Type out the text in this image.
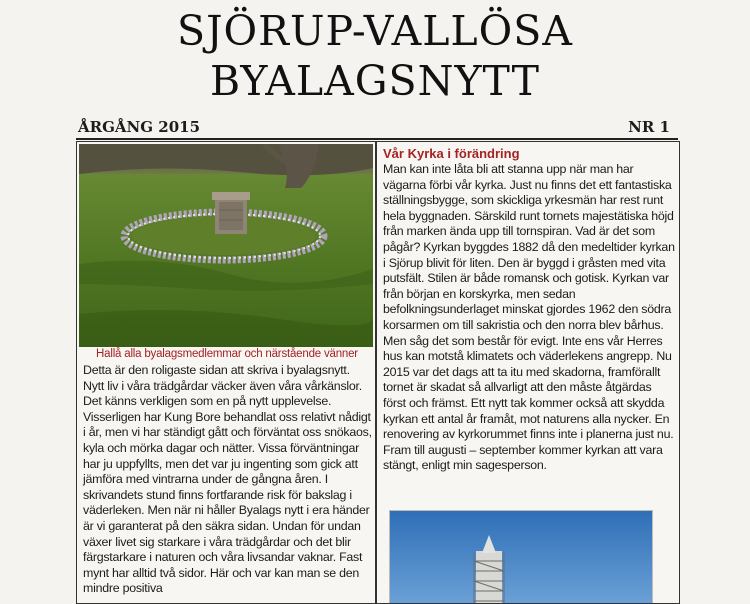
SJÖRUP-VALLÖSA
BYALAGSNYTT
ÅRGÅNG 2015	NR 1
Hallå alla byalagsmedlemmar och närstående vänner
Detta är den roligaste sidan att skriva i byalagsnytt. Nytt liv i våra trädgårdar väcker även våra vårkänslor. Det känns verkligen som en på nytt upplevelse. Visserligen har Kung Bore behandlat oss relativt nådigt i år, men vi har ständigt gått och förväntat oss snökaos, kyla och mörka dagar och nätter. Vissa förväntningar har ju uppfyllts, men det var ju ingenting som gick att jämföra med vintrarna under de gångna åren. I skrivandets stund finns fortfarande risk för bakslag i väderleken. Men när ni håller Byalags nytt i era händer är vi garanterat på den säkra sidan. Undan för undan växer livet sig starkare i våra trädgårdar och det blir färgstarkare i naturen och våra livsandar vaknar. Fast mynt har alltid två sidor. Här och var kan man se den mindre positiva
Vår Kyrka i förändring
Man kan inte låta bli att stanna upp när man har vägarna förbi vår kyrka. Just nu finns det ett fantastiska ställningsbygge, som skickliga yrkesmän har rest runt hela byggnaden. Särskild runt tornets majestätiska höjd från marken ända upp till tornspiran. Vad är det som pågår? Kyrkan byggdes 1882 då den medeltider kyrkan i Sjörup blivit för liten. Den är byggd i gråsten med vita putsfält. Stilen är både romansk och gotisk. Kyrkan var från början en korskyrka, men sedan befolkningsunderlaget minskat gjordes 1962 den södra korsarmen om till sakristia och den norra blev bårhus. Men såg det som består för evigt. Inte ens vår Herres hus kan motstå klimatets och väderlekens angrepp. Nu 2015 var det dags att ta itu med skadorna, framförallt tornet är skadat så allvarligt att den måste åtgärdas först och främst. Ett nytt tak kommer också att skydda kyrkan ett antal år framåt, mot naturens alla nycker. En renovering av kyrkorummet finns inte i planerna just nu. Fram till augusti – september kommer kyrkan att vara stängt, enligt min sagesperson.
